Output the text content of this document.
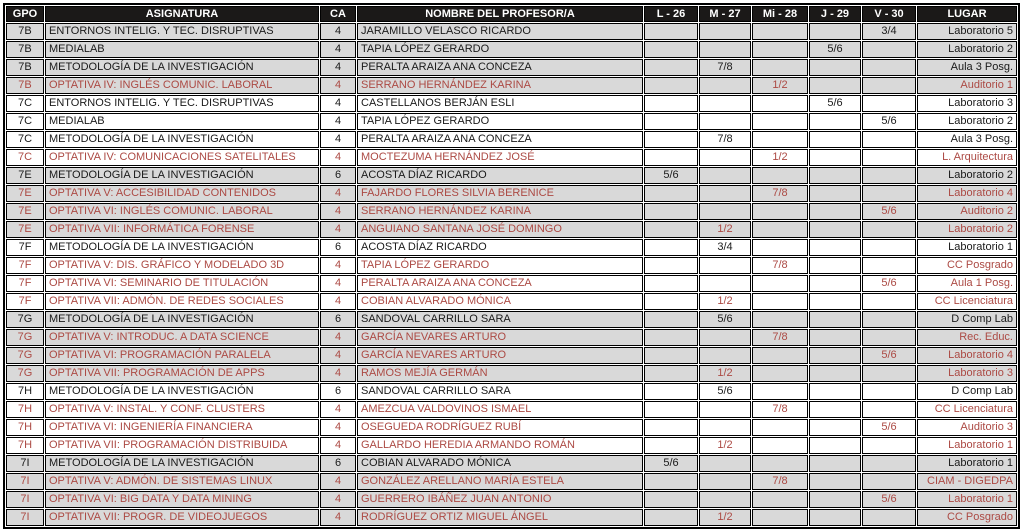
GPO	ASIGNATURA	CA	NOMBRE DEL PROFESOR/A	L - 26	M - 27	Mi - 28	J - 29	V - 30	LUGAR
7B	ENTORNOS INTELIG. Y TEC. DISRUPTIVAS	4	JARAMILLO VELASCO RICARDO					3/4	Laboratorio 5
7B	MEDIALAB	4	TAPIA LÓPEZ GERARDO				5/6		Laboratorio 2
7B	METODOLOGÍA DE LA INVESTIGACIÓN	4	PERALTA ARAIZA ANA CONCEZA		7/8				Aula 3 Posg.
7B	OPTATIVA IV: INGLÉS COMUNIC. LABORAL	4	SERRANO HERNÁNDEZ KARINA			1/2			Auditorio 1
7C	ENTORNOS INTELIG. Y TEC. DISRUPTIVAS	4	CASTELLANOS BERJÁN ESLI				5/6		Laboratorio 3
7C	MEDIALAB	4	TAPIA LÓPEZ GERARDO					5/6	Laboratorio 2
7C	METODOLOGÍA DE LA INVESTIGACIÓN	4	PERALTA ARAIZA ANA CONCEZA		7/8				Aula 3 Posg.
7C	OPTATIVA IV: COMUNICACIONES SATELITALES	4	MOCTEZUMA HERNÁNDEZ JOSÉ			1/2			L. Arquitectura
7E	METODOLOGÍA DE LA INVESTIGACIÓN	6	ACOSTA DÍAZ RICARDO	5/6					Laboratorio 2
7E	OPTATIVA V: ACCESIBILIDAD CONTENIDOS	4	FAJARDO FLORES SILVIA BERENICE			7/8			Laboratorio 4
7E	OPTATIVA VI: INGLÉS COMUNIC. LABORAL	4	SERRANO HERNÁNDEZ KARINA					5/6	Auditorio 2
7E	OPTATIVA VII: INFORMÁTICA FORENSE	4	ANGUIANO SANTANA JOSÉ DOMINGO		1/2				Laboratorio 2
7F	METODOLOGÍA DE LA INVESTIGACIÓN	6	ACOSTA DÍAZ RICARDO		3/4				Laboratorio 1
7F	OPTATIVA V: DIS. GRÁFICO Y MODELADO 3D	4	TAPIA LÓPEZ GERARDO			7/8			CC Posgrado
7F	OPTATIVA VI: SEMINARIO DE TITULACIÓN	4	PERALTA ARAIZA ANA CONCEZA					5/6	Aula 1 Posg.
7F	OPTATIVA VII: ADMÓN. DE REDES SOCIALES	4	COBIAN ALVARADO MÓNICA		1/2				CC Licenciatura
7G	METODOLOGÍA DE LA INVESTIGACIÓN	6	SANDOVAL CARRILLO SARA		5/6				D Comp Lab
7G	OPTATIVA V: INTRODUC. A DATA SCIENCE	4	GARCÍA NEVARES ARTURO			7/8			Rec. Educ.
7G	OPTATIVA VI: PROGRAMACIÓN PARALELA	4	GARCÍA NEVARES ARTURO					5/6	Laboratorio 4
7G	OPTATIVA VII: PROGRAMACIÓN DE APPS	4	RAMOS MEJÍA GERMÁN		1/2				Laboratorio 3
7H	METODOLOGÍA DE LA INVESTIGACIÓN	6	SANDOVAL CARRILLO SARA		5/6				D Comp Lab
7H	OPTATIVA V: INSTAL. Y CONF. CLUSTERS	4	AMEZCUA VALDOVINOS ISMAEL			7/8			CC Licenciatura
7H	OPTATIVA VI: INGENIERÍA FINANCIERA	4	OSEGUEDA RODRÍGUEZ RUBÍ					5/6	Auditorio 3
7H	OPTATIVA VII: PROGRAMACIÓN DISTRIBUIDA	4	GALLARDO HEREDIA ARMANDO ROMÁN		1/2				Laboratorio 1
7I	METODOLOGÍA DE LA INVESTIGACIÓN	6	COBIAN ALVARADO MÓNICA	5/6					Laboratorio 1
7I	OPTATIVA V: ADMÓN. DE SISTEMAS LINUX	4	GONZÁLEZ ARELLANO MARÍA ESTELA			7/8			CIAM - DIGEDPA
7I	OPTATIVA VI: BIG DATA Y DATA MINING	4	GUERRERO IBÁÑEZ JUAN ANTONIO					5/6	Laboratorio 1
7I	OPTATIVA VII: PROGR. DE VIDEOJUEGOS	4	RODRÍGUEZ ORTIZ MIGUEL ÁNGEL		1/2				CC Posgrado
